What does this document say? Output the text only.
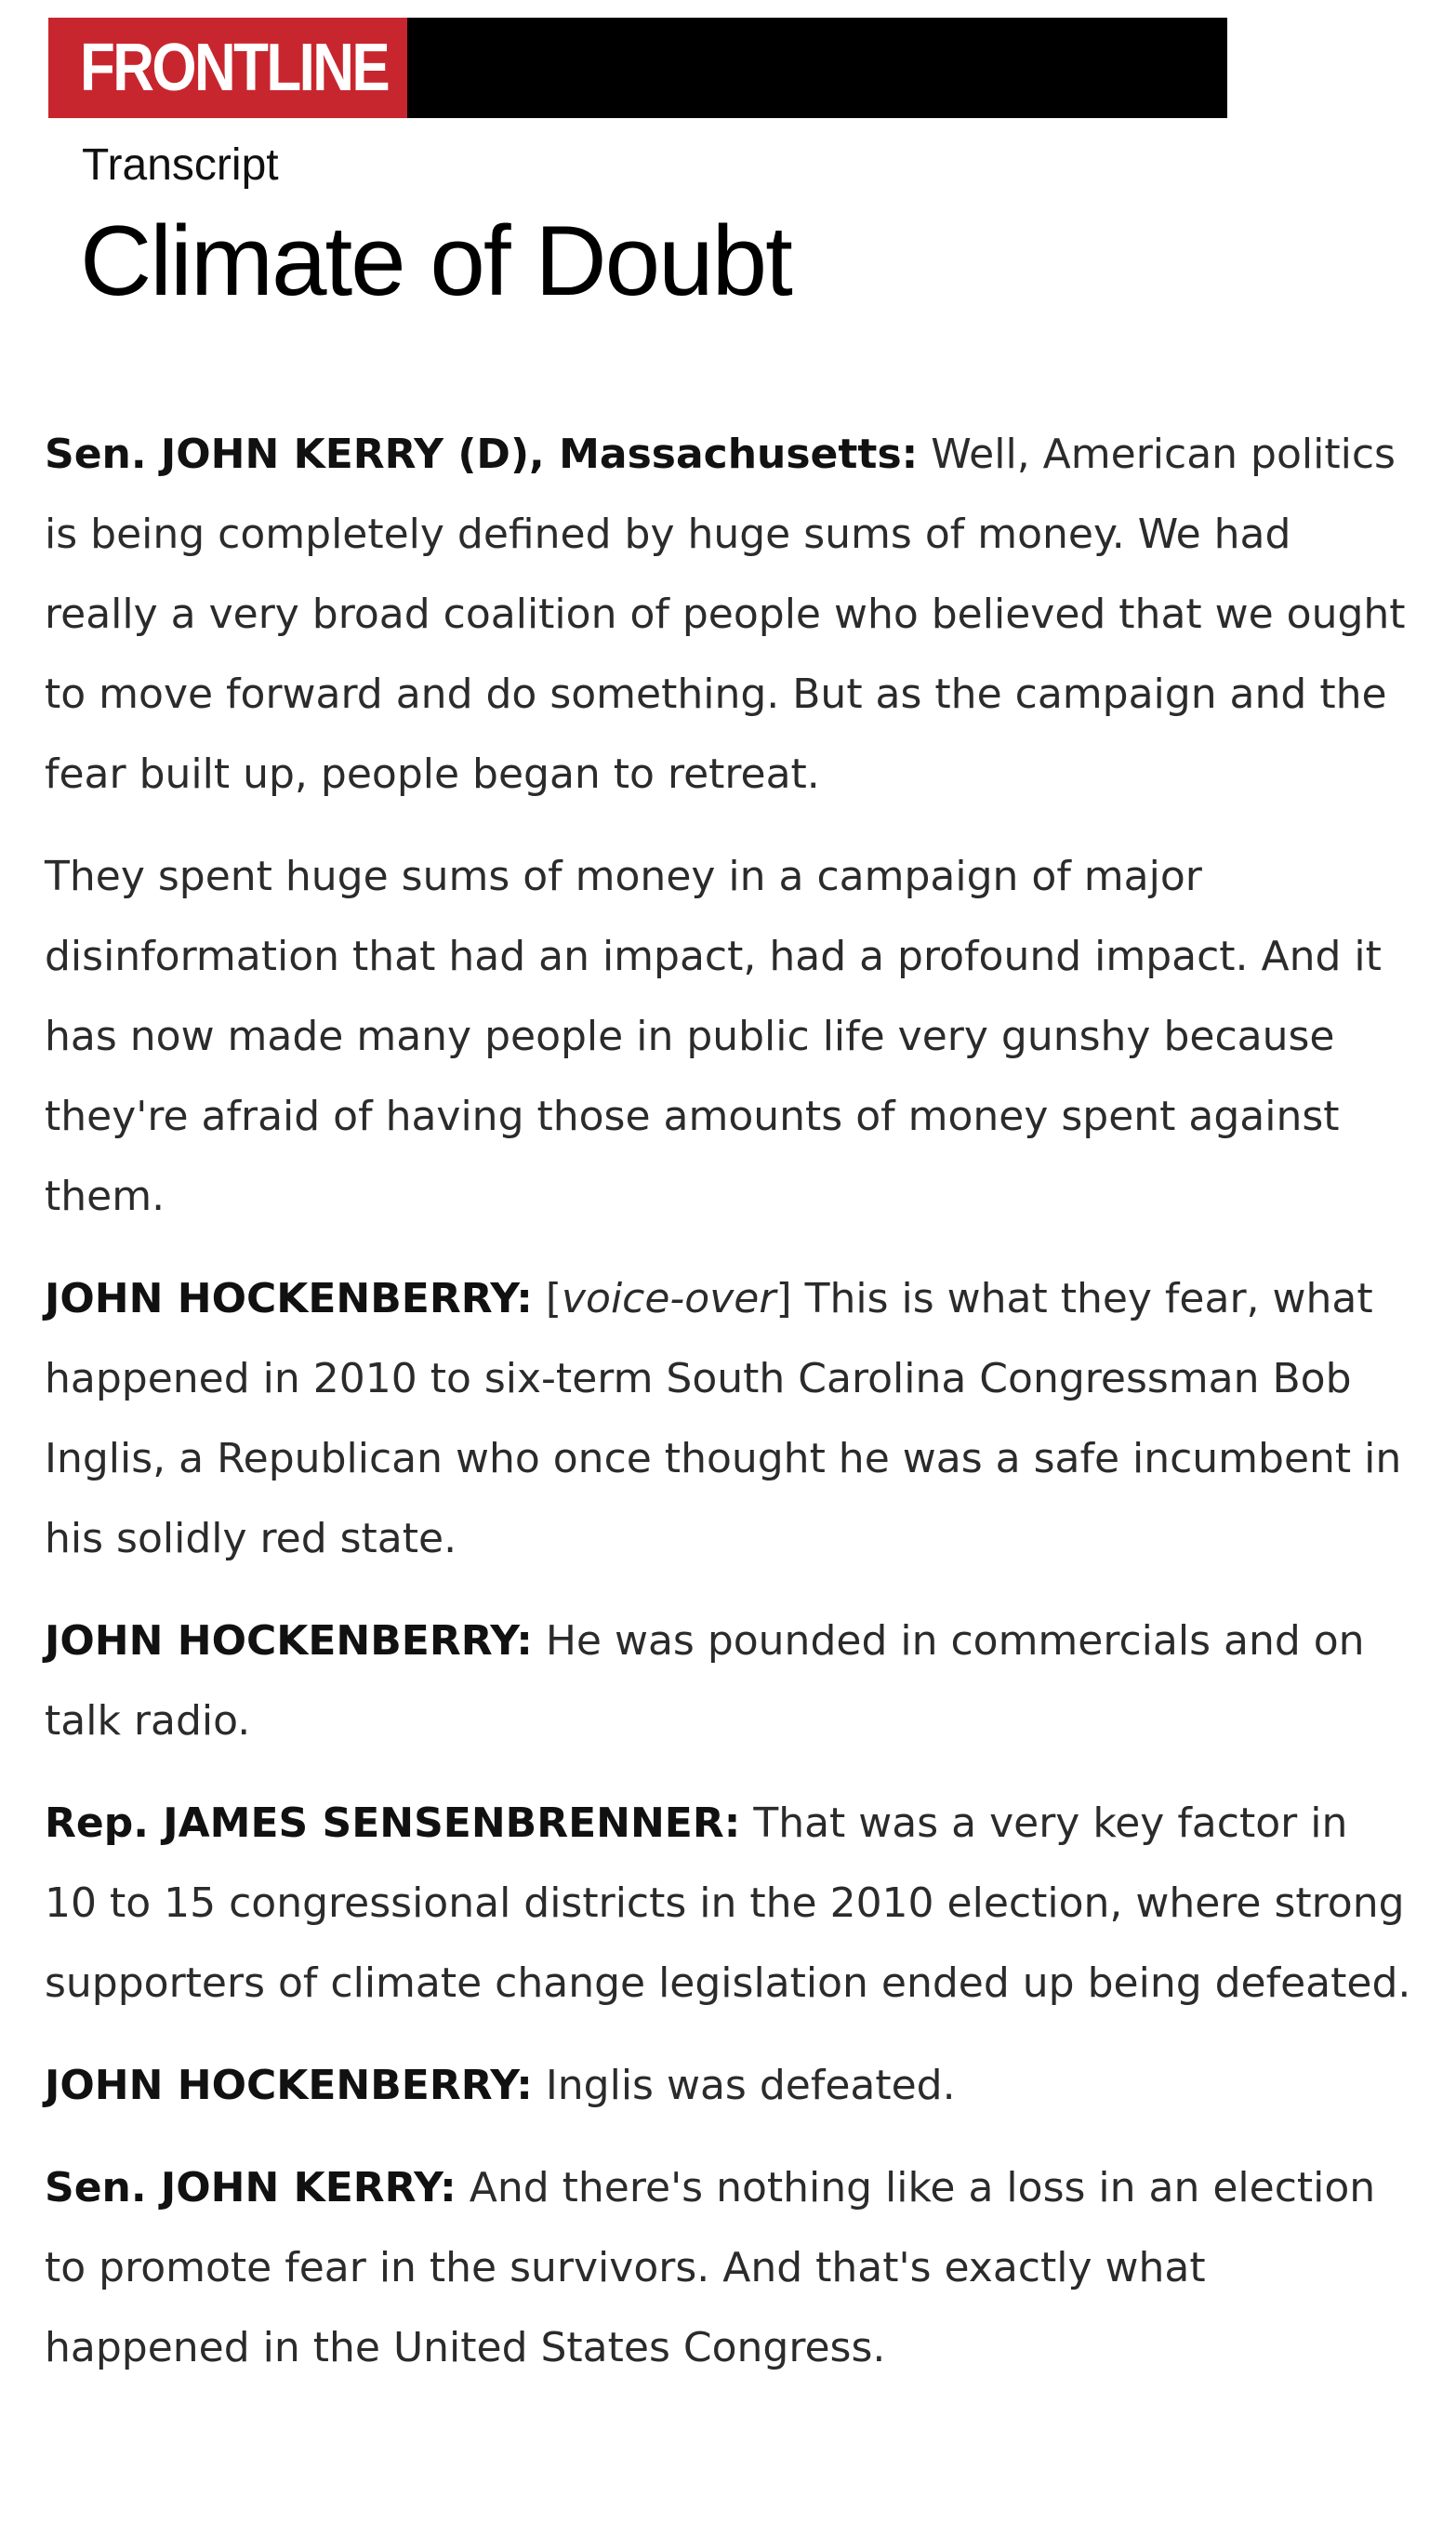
FRONTLINE

Transcript

Climate of Doubt

Sen. JOHN KERRY (D), Massachusetts: Well, American politics is being completely defined by huge sums of money. We had really a very broad coalition of people who believed that we ought to move forward and do something. But as the campaign and the fear built up, people began to retreat.

They spent huge sums of money in a campaign of major disinformation that had an impact, had a profound impact. And it has now made many people in public life very gunshy because they're afraid of having those amounts of money spent against them.

JOHN HOCKENBERRY: [voice-over] This is what they fear, what happened in 2010 to six-term South Carolina Congressman Bob Inglis, a Republican who once thought he was a safe incumbent in his solidly red state.

JOHN HOCKENBERRY: He was pounded in commercials and on talk radio.

Rep. JAMES SENSENBRENNER: That was a very key factor in 10 to 15 congressional districts in the 2010 election, where strong supporters of climate change legislation ended up being defeated.

JOHN HOCKENBERRY: Inglis was defeated.

Sen. JOHN KERRY: And there's nothing like a loss in an election to promote fear in the survivors. And that's exactly what happened in the United States Congress.
